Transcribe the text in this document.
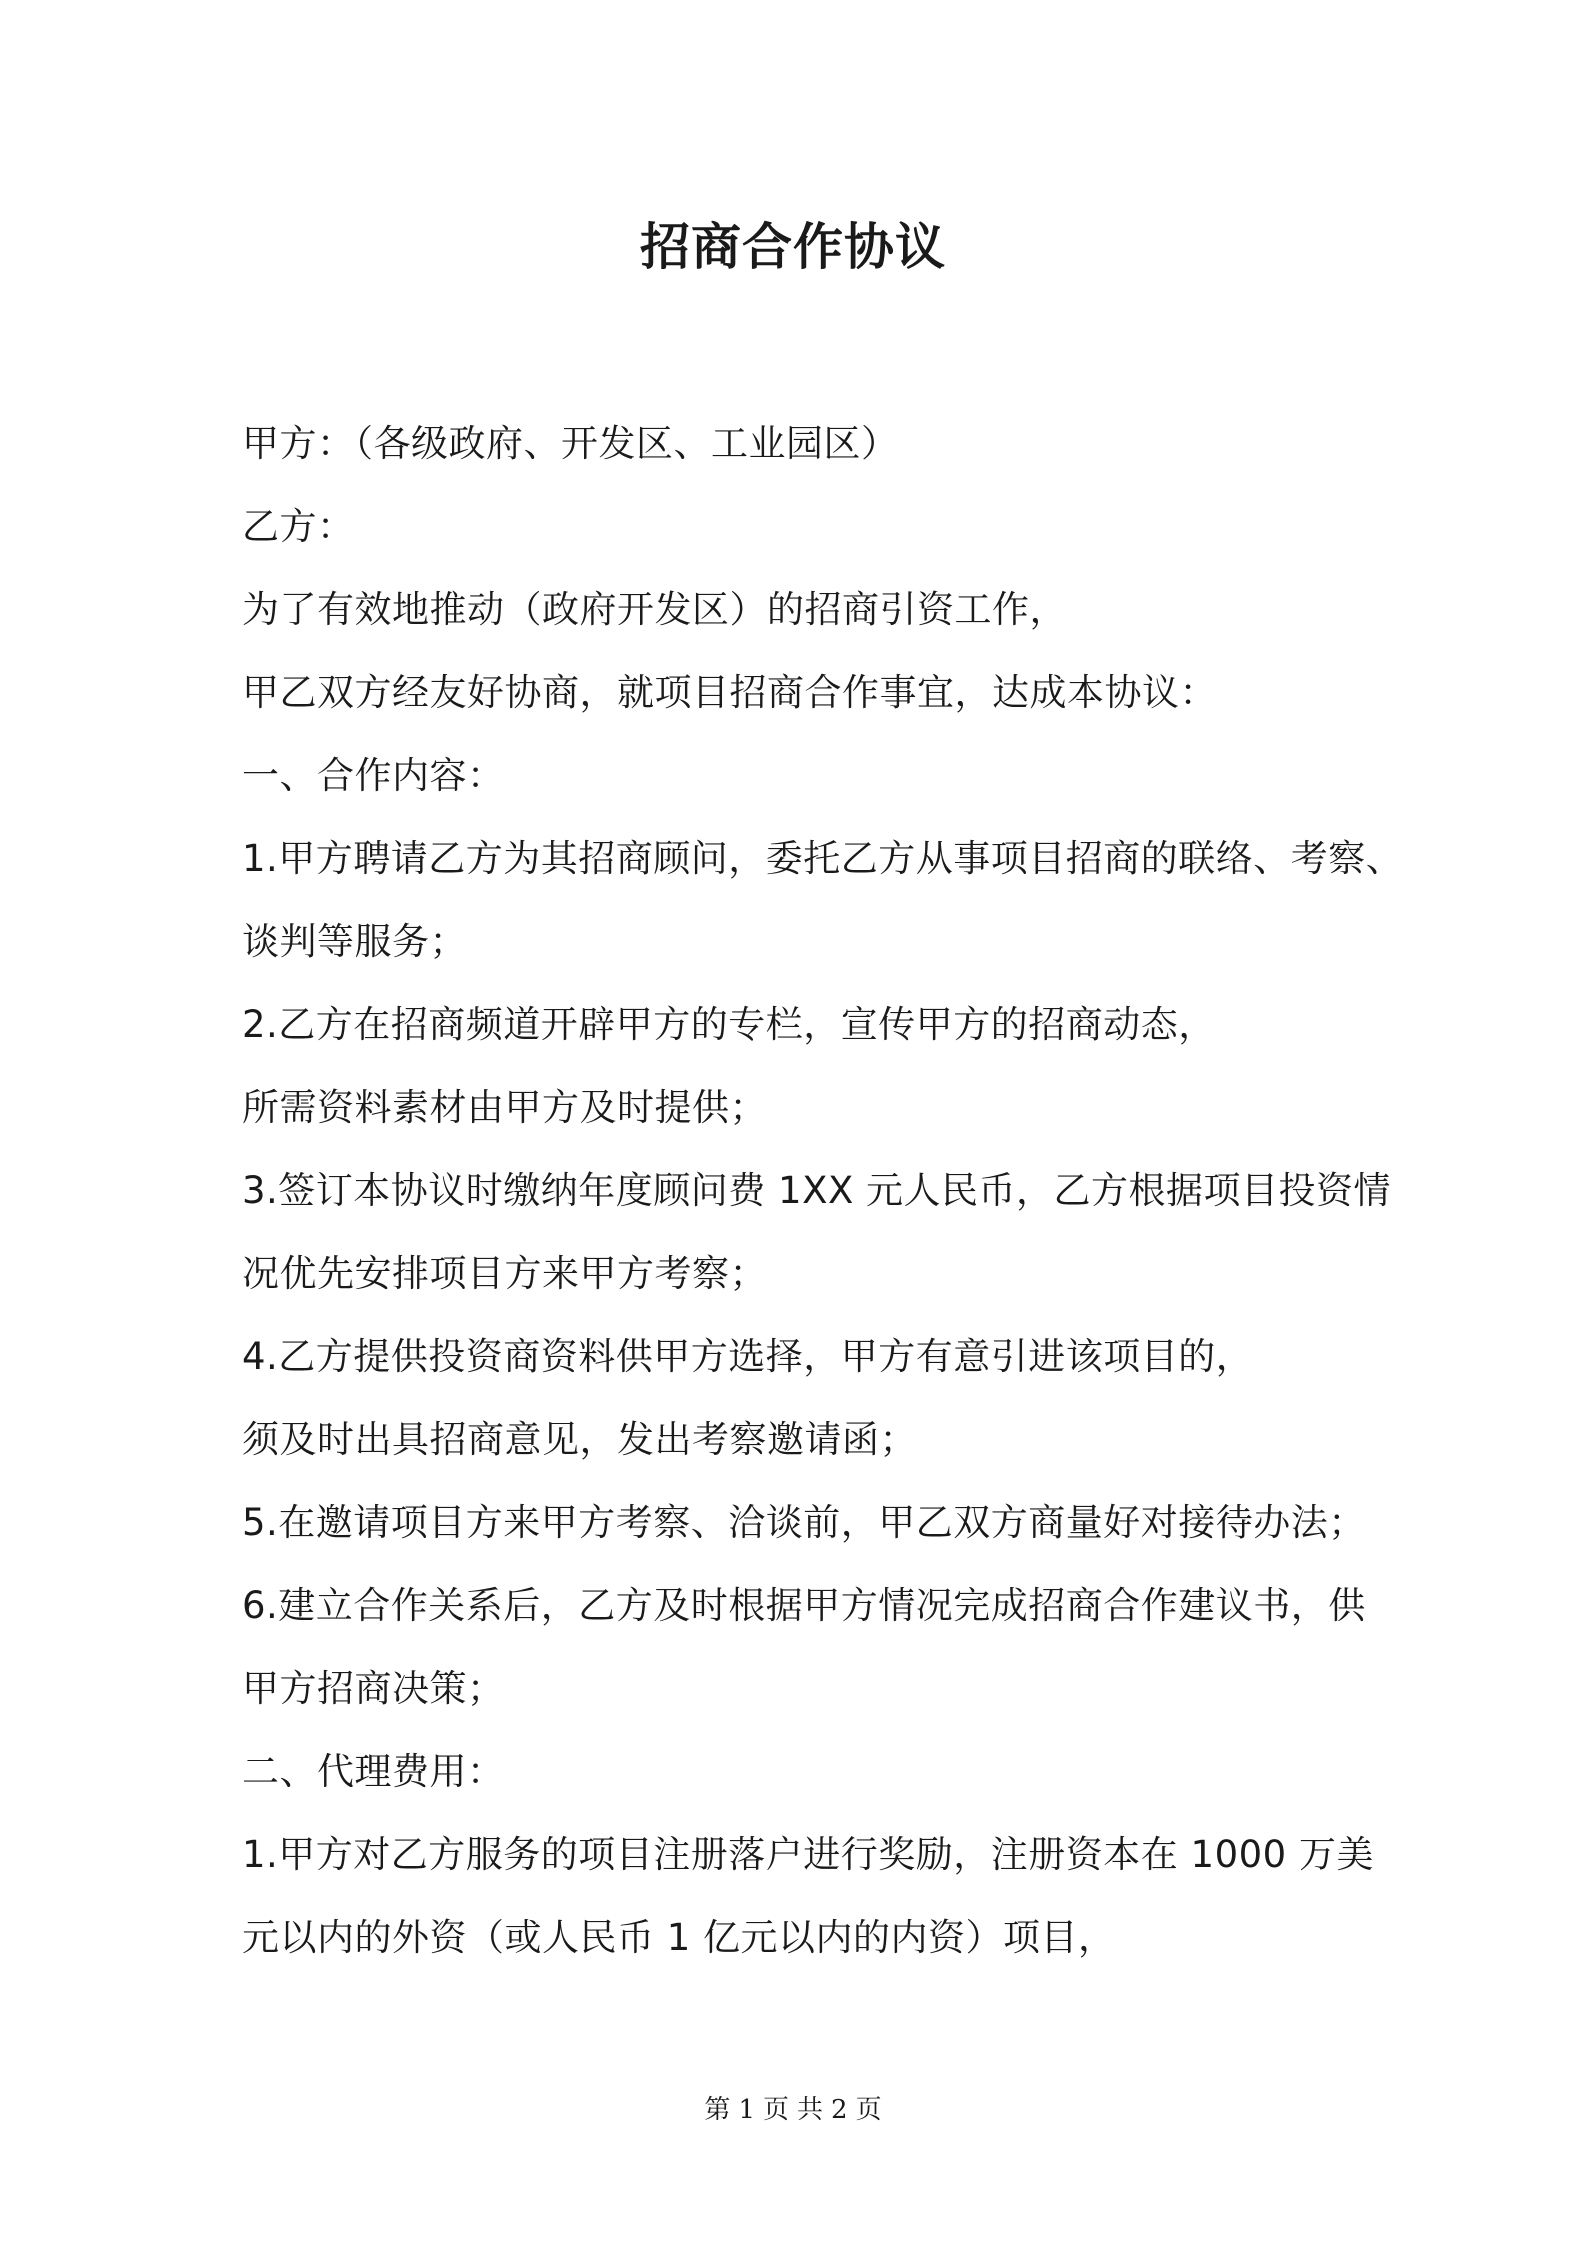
招商合作协议
甲方：（各级政府、开发区、工业园区）
乙方：
为了有效地推动（政府开发区）的招商引资工作，
甲乙双方经友好协商，就项目招商合作事宜，达成本协议：
一、合作内容：
1.甲方聘请乙方为其招商顾问，委托乙方从事项目招商的联络、考察、
谈判等服务；
2.乙方在招商频道开辟甲方的专栏，宣传甲方的招商动态，
所需资料素材由甲方及时提供；
3.签订本协议时缴纳年度顾问费 1XX 元人民币，乙方根据项目投资情
况优先安排项目方来甲方考察；
4.乙方提供投资商资料供甲方选择，甲方有意引进该项目的，
须及时出具招商意见，发出考察邀请函；
5.在邀请项目方来甲方考察、洽谈前，甲乙双方商量好对接待办法；
6.建立合作关系后，乙方及时根据甲方情况完成招商合作建议书，供
甲方招商决策；
二、代理费用：
1.甲方对乙方服务的项目注册落户进行奖励，注册资本在 1000 万美
元以内的外资（或人民币 1 亿元以内的内资）项目，
第 1 页 共 2 页
